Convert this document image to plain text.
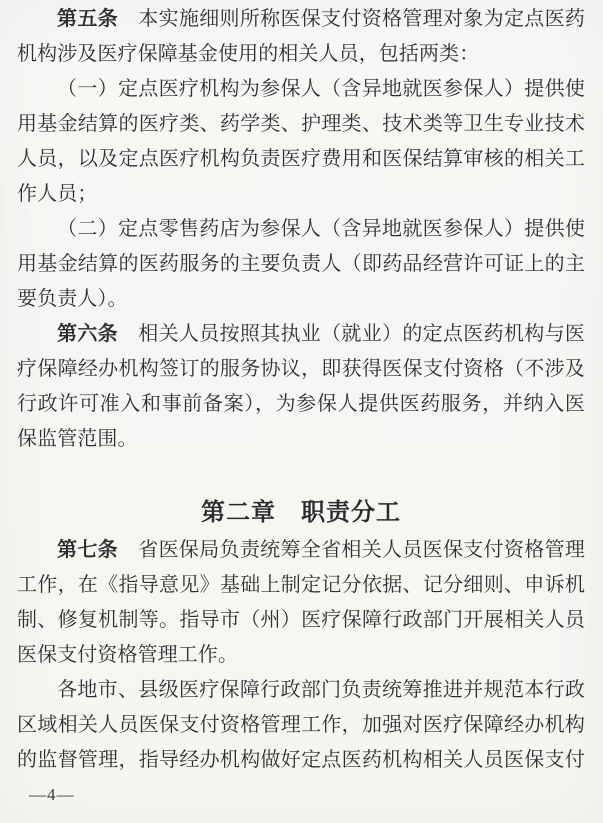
第五条　本实施细则所称医保支付资格管理对象为定点医药

机构涉及医疗保障基金使用的相关人员，包括两类：

（一）定点医疗机构为参保人（含异地就医参保人）提供使

用基金结算的医疗类、药学类、护理类、技术类等卫生专业技术

人员，以及定点医疗机构负责医疗费用和医保结算审核的相关工

作人员；

（二）定点零售药店为参保人（含异地就医参保人）提供使

用基金结算的医药服务的主要负责人（即药品经营许可证上的主

要负责人）。

第六条　相关人员按照其执业（就业）的定点医药机构与医

疗保障经办机构签订的服务协议，即获得医保支付资格（不涉及

行政许可准入和事前备案），为参保人提供医药服务，并纳入医

保监管范围。

第二章　职责分工

第七条　省医保局负责统筹全省相关人员医保支付资格管理

工作，在《指导意见》基础上制定记分依据、记分细则、申诉机

制、修复机制等。指导市（州）医疗保障行政部门开展相关人员

医保支付资格管理工作。

各地市、县级医疗保障行政部门负责统筹推进并规范本行政

区域相关人员医保支付资格管理工作，加强对医疗保障经办机构

的监督管理，指导经办机构做好定点医药机构相关人员医保支付

—4—
